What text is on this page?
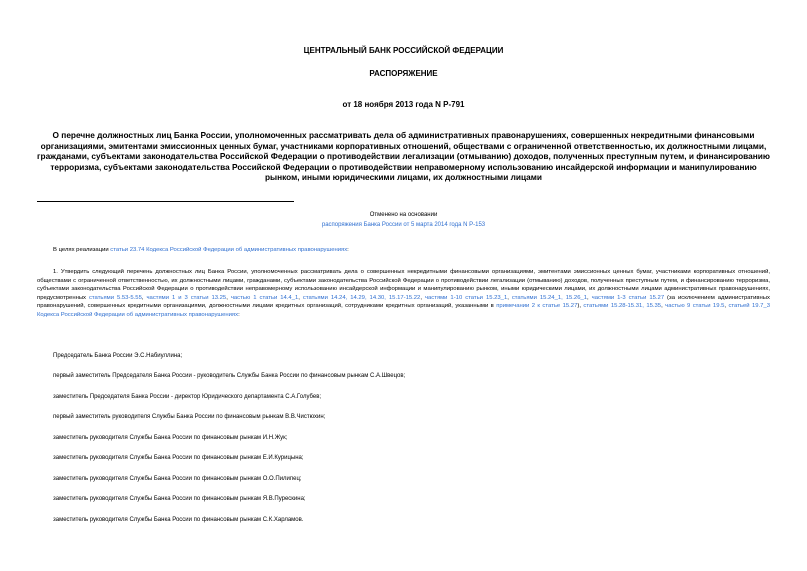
ЦЕНТРАЛЬНЫЙ БАНК РОССИЙСКОЙ ФЕДЕРАЦИИ
РАСПОРЯЖЕНИЕ
от 18 ноября 2013 года N Р-791
О перечне должностных лиц Банка России, уполномоченных рассматривать дела об административных правонарушениях, совершенных некредитными финансовыми организациями, эмитентами эмиссионных ценных бумаг, участниками корпоративных отношений, обществами с ограниченной ответственностью, их должностными лицами, гражданами, субъектами законодательства Российской Федерации о противодействии легализации (отмыванию) доходов, полученных преступным путем, и финансированию терроризма, субъектами законодательства Российской Федерации о противодействии неправомерному использованию инсайдерской информации и манипулированию рынком, иными юридическими лицами, их должностными лицами
Отменено на основании
распоряжения Банка России от 5 марта 2014 года N Р-153
В целях реализации статьи 23.74 Кодекса Российской Федерации об административных правонарушениях:
1. Утвердить следующий перечень должностных лиц Банка России, уполномоченных рассматривать дела о совершенных некредитными финансовыми организациями, эмитентами эмиссионных ценных бумаг, участниками корпоративных отношений, обществами с ограниченной ответственностью, их должностными лицами, гражданами, субъектами законодательства Российской Федерации о противодействии легализации (отмыванию) доходов, полученных преступным путем, и финансированию терроризма, субъектами законодательства Российской Федерации о противодействии неправомерному использованию инсайдерской информации и манипулированию рынком, иными юридическими лицами, их должностными лицами административных правонарушениях, предусмотренных статьями 5.53-5.55, частями 1 и 3 статьи 13.25, частью 1 статьи 14.4_1, статьями 14.24, 14.29, 14.30, 15.17-15.22, частями 1-10 статьи 15.23_1, статьями 15.24_1, 15.26_1, частями 1-3 статьи 15.27 (за исключением административных правонарушений, совершенных кредитными организациями, должностными лицами кредитных организаций, сотрудниками кредитных организаций, указанными в примечании 2 к статье 15.27), статьями 15.28-15.31, 15.35, частью 9 статьи 19.5, статьей 19.7_3 Кодекса Российской Федерации об административных правонарушениях:
Председатель Банка России Э.С.Набиуллина;
первый заместитель Председателя Банка России - руководитель Службы Банка России по финансовым рынкам С.А.Швецов;
заместитель Председателя Банка России - директор Юридического департамента С.А.Голубев;
первый заместитель руководителя Службы Банка России по финансовым рынкам В.В.Чистюхин;
заместитель руководителя Службы Банка России по финансовым рынкам И.Н.Жук;
заместитель руководителя Службы Банка России по финансовым рынкам Е.И.Курицына;
заместитель руководителя Службы Банка России по финансовым рынкам О.О.Пилипец;
заместитель руководителя Службы Банка России по финансовым рынкам Я.В.Пурескина;
заместитель руководителя Службы Банка России по финансовым рынкам С.К.Харламов.
